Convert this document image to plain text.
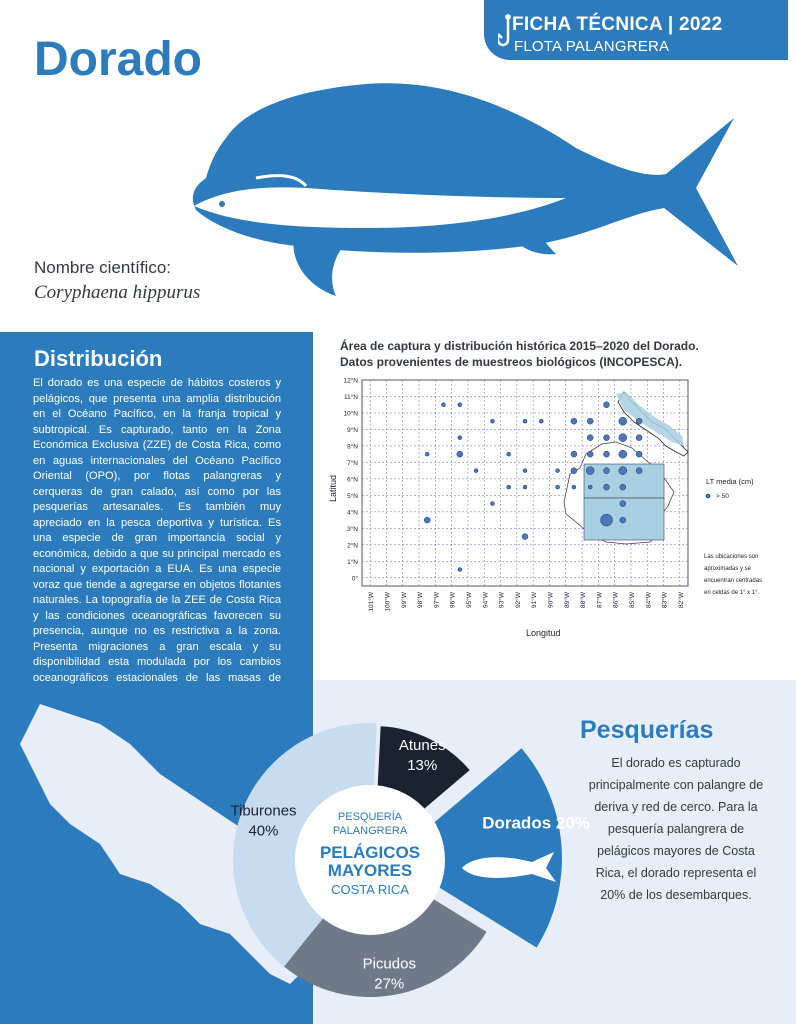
FICHA TÉCNICA | 2022
FLOTA PALANGRERA
Dorado
Nombre científico:
Coryphaena hippurus
Distribución
El dorado es una especie de hábitos costeros y pelágicos, que presenta una amplia distribución en el Océano Pacífico, en la franja tropical y subtropical. Es capturado, tanto en la Zona Económica Exclusiva (ZZE) de Costa Rica, como en aguas internacionales del Océano Pacífico Oriental (OPO), por flotas palangreras y cerqueras de gran calado, así como por las pesquerías artesanales. Es también muy apreciado en la pesca deportiva y turística. Es una especie de gran importancia social y económica, debido a que su principal mercado es nacional y exportación a EUA. Es una especie voraz que tiende a agregarse en objetos flotantes naturales. La topografía de la ZEE de Costa Rica y las condiciones oceanográficas favorecen su presencia, aunque no es restrictiva a la zona. Presenta migraciones a gran escala y su disponibilidad esta modulada por los cambios oceanográficos estacionales de las masas de
Área de captura y distribución histórica 2015–2020 del Dorado.
Datos provenientes de muestreos biológicos (INCOPESCA).
101°W 100°W 99°W 98°W 97°W 96°W 95°W 94°W 93°W 92°W 91°W 90°W 89°W 88°W 87°W 86°W 85°W 84°W 83°W 82°W
0°
1°N
2°N
3°N
4°N
5°N
6°N
7°N
8°N
9°N
10°N
11°N
12°N
Longitud
Latitud	LT media (cm)
> 50
Las ubicaciones son
aproximadas y se
encuentran centradas
en celdas de 1° x 1°.
PESQUERÍA
PALANGRERA
PELÁGICOS
MAYORES
COSTA RICA
Atunes
13%
Dorados 20%
Picudos
27%
Tiburones
40%
Pesquerías
El dorado es capturado principalmente con palangre de deriva y red de cerco. Para la pesquería palangrera de pelágicos mayores de Costa Rica, el dorado representa el 20% de los desembarques.
